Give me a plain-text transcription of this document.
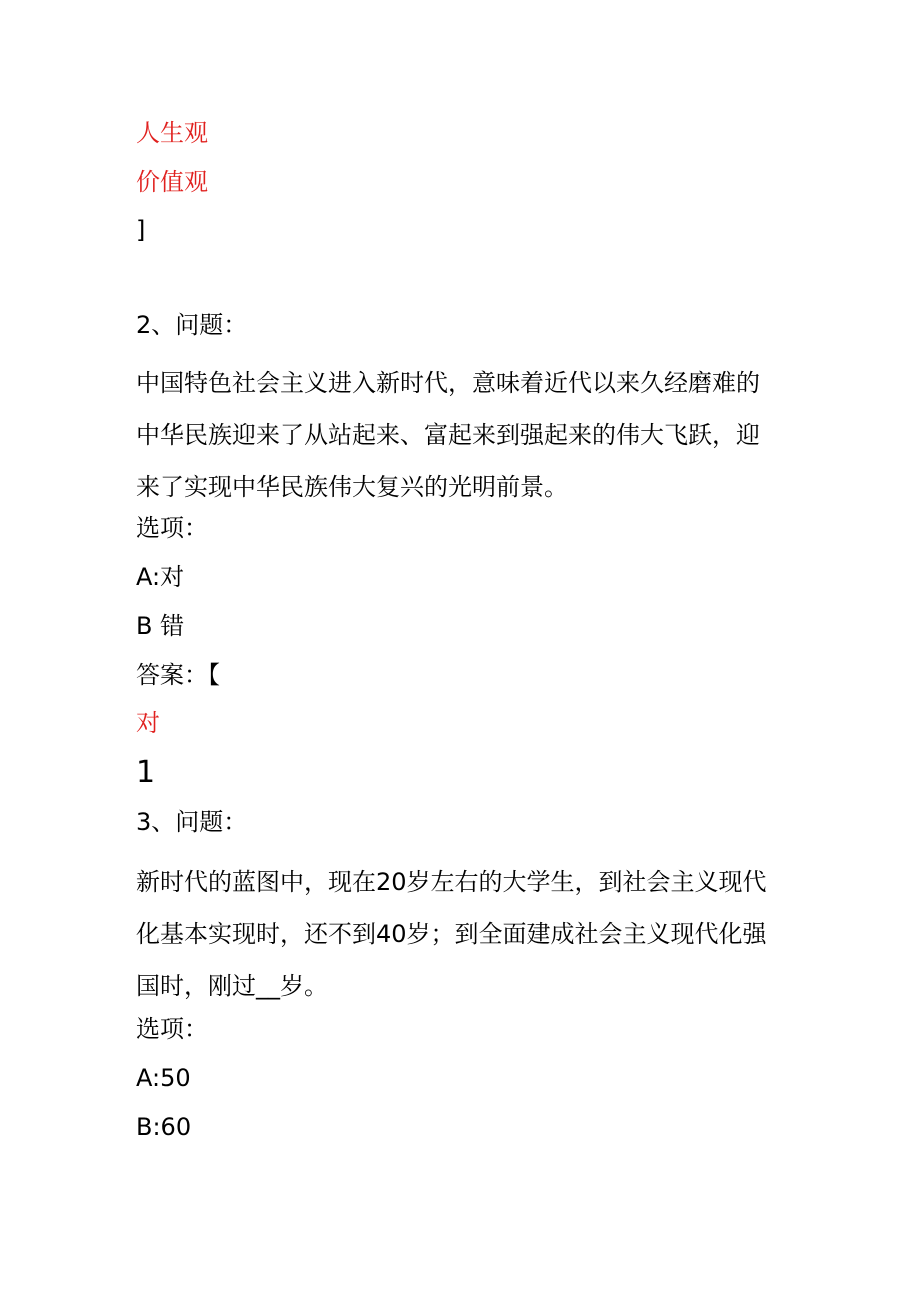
人生观
价值观
]
2、问题：
中国特色社会主义进入新时代，意味着近代以来久经磨难的
中华民族迎来了从站起来、富起来到强起来的伟大飞跃，迎
来了实现中华民族伟大复兴的光明前景。
选项：
A:对
B 错
答案：【
对
1
3、问题：
新时代的蓝图中，现在20岁左右的大学生，到社会主义现代
化基本实现时，还不到40岁；到全面建成社会主义现代化强
国时，刚过__岁。
选项：
A:50
B:60
